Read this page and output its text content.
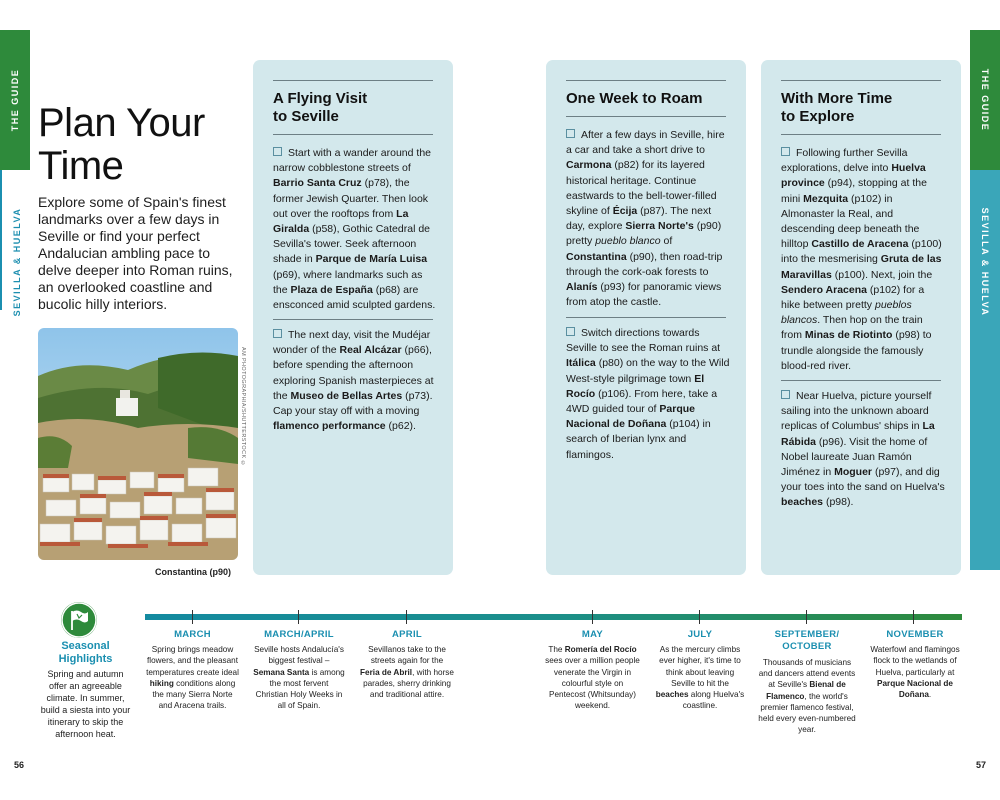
THE GUIDE
SEVILLA & HUELVA
THE GUIDE
SEVILLA & HUELVA
Plan Your
Time
Explore some of Spain's finest landmarks over a few days in Seville or find your perfect Andalucian ambling pace to delve deeper into Roman ruins, an overlooked coastline and bucolic hilly interiors.
AM PHOTOGRAPHIA/SHUTTERSTOCK ©
Constantina (p90)
A Flying Visit
to Seville

Start with a wander around the narrow cobblestone streets of Barrio Santa Cruz (p78), the former Jewish Quarter. Then look out over the rooftops from La Giralda (p58), Gothic Catedral de Sevilla's tower. Seek afternoon shade in Parque de María Luisa (p69), where landmarks such as the Plaza de España (p68) are ensconced amid sculpted gardens.

The next day, visit the Mudéjar wonder of the Real Alcázar (p66), before spending the afternoon exploring Spanish masterpieces at the Museo de Bellas Artes (p73). Cap your stay off with a moving flamenco performance (p62).

One Week to Roam

After a few days in Seville, hire a car and take a short drive to Carmona (p82) for its layered historical heritage. Continue eastwards to the bell-tower-filled skyline of Écija (p87). The next day, explore Sierra Norte's (p90) pretty pueblo blanco of Constantina (p90), then road-trip through the cork-oak forests to Alanís (p93) for panoramic views from atop the castle.

Switch directions towards Seville to see the Roman ruins at Itálica (p80) on the way to the Wild West-style pilgrimage town El Rocío (p106). From here, take a 4WD guided tour of Parque Nacional de Doñana (p104) in search of Iberian lynx and flamingos.

With More Time
to Explore

Following further Sevilla explorations, delve into Huelva province (p94), stopping at the mini Mezquita (p102) in Almonaster la Real, and descending deep beneath the hilltop Castillo de Aracena (p100) into the mesmerising Gruta de las Maravillas (p100). Next, join the Sendero Aracena (p102) for a hike between pretty pueblos blancos. Then hop on the train from Minas de Riotinto (p98) to trundle alongside the famously blood-red river.

Near Huelva, picture yourself sailing into the unknown aboard replicas of Columbus' ships in La Rábida (p96). Visit the home of Nobel laureate Juan Ramón Jiménez in Moguer (p97), and dig your toes into the sand on Huelva's beaches (p98).

Seasonal
Highlights
Spring and autumn offer an agreeable climate. In summer, build a siesta into your itinerary to skip the afternoon heat.
MARCH
Spring brings meadow flowers, and the pleasant temperatures create ideal hiking conditions along the many Sierra Norte and Aracena trails.
MARCH/APRIL
Seville hosts Andalucía's biggest festival – Semana Santa is among the most fervent Christian Holy Weeks in all of Spain.
APRIL
Sevillanos take to the streets again for the Feria de Abril, with horse parades, sherry drinking and traditional attire.
MAY
The Romería del Rocío sees over a million people venerate the Virgin in colourful style on Pentecost (Whitsunday) weekend.
JULY
As the mercury climbs ever higher, it's time to think about leaving Seville to hit the beaches along Huelva's coastline.
SEPTEMBER/
OCTOBER
Thousands of musicians and dancers attend events at Seville's Bienal de Flamenco, the world's premier flamenco festival, held every even-numbered year.
NOVEMBER
Waterfowl and flamingos flock to the wetlands of Huelva, particularly at Parque Nacional de Doñana.
56	57
